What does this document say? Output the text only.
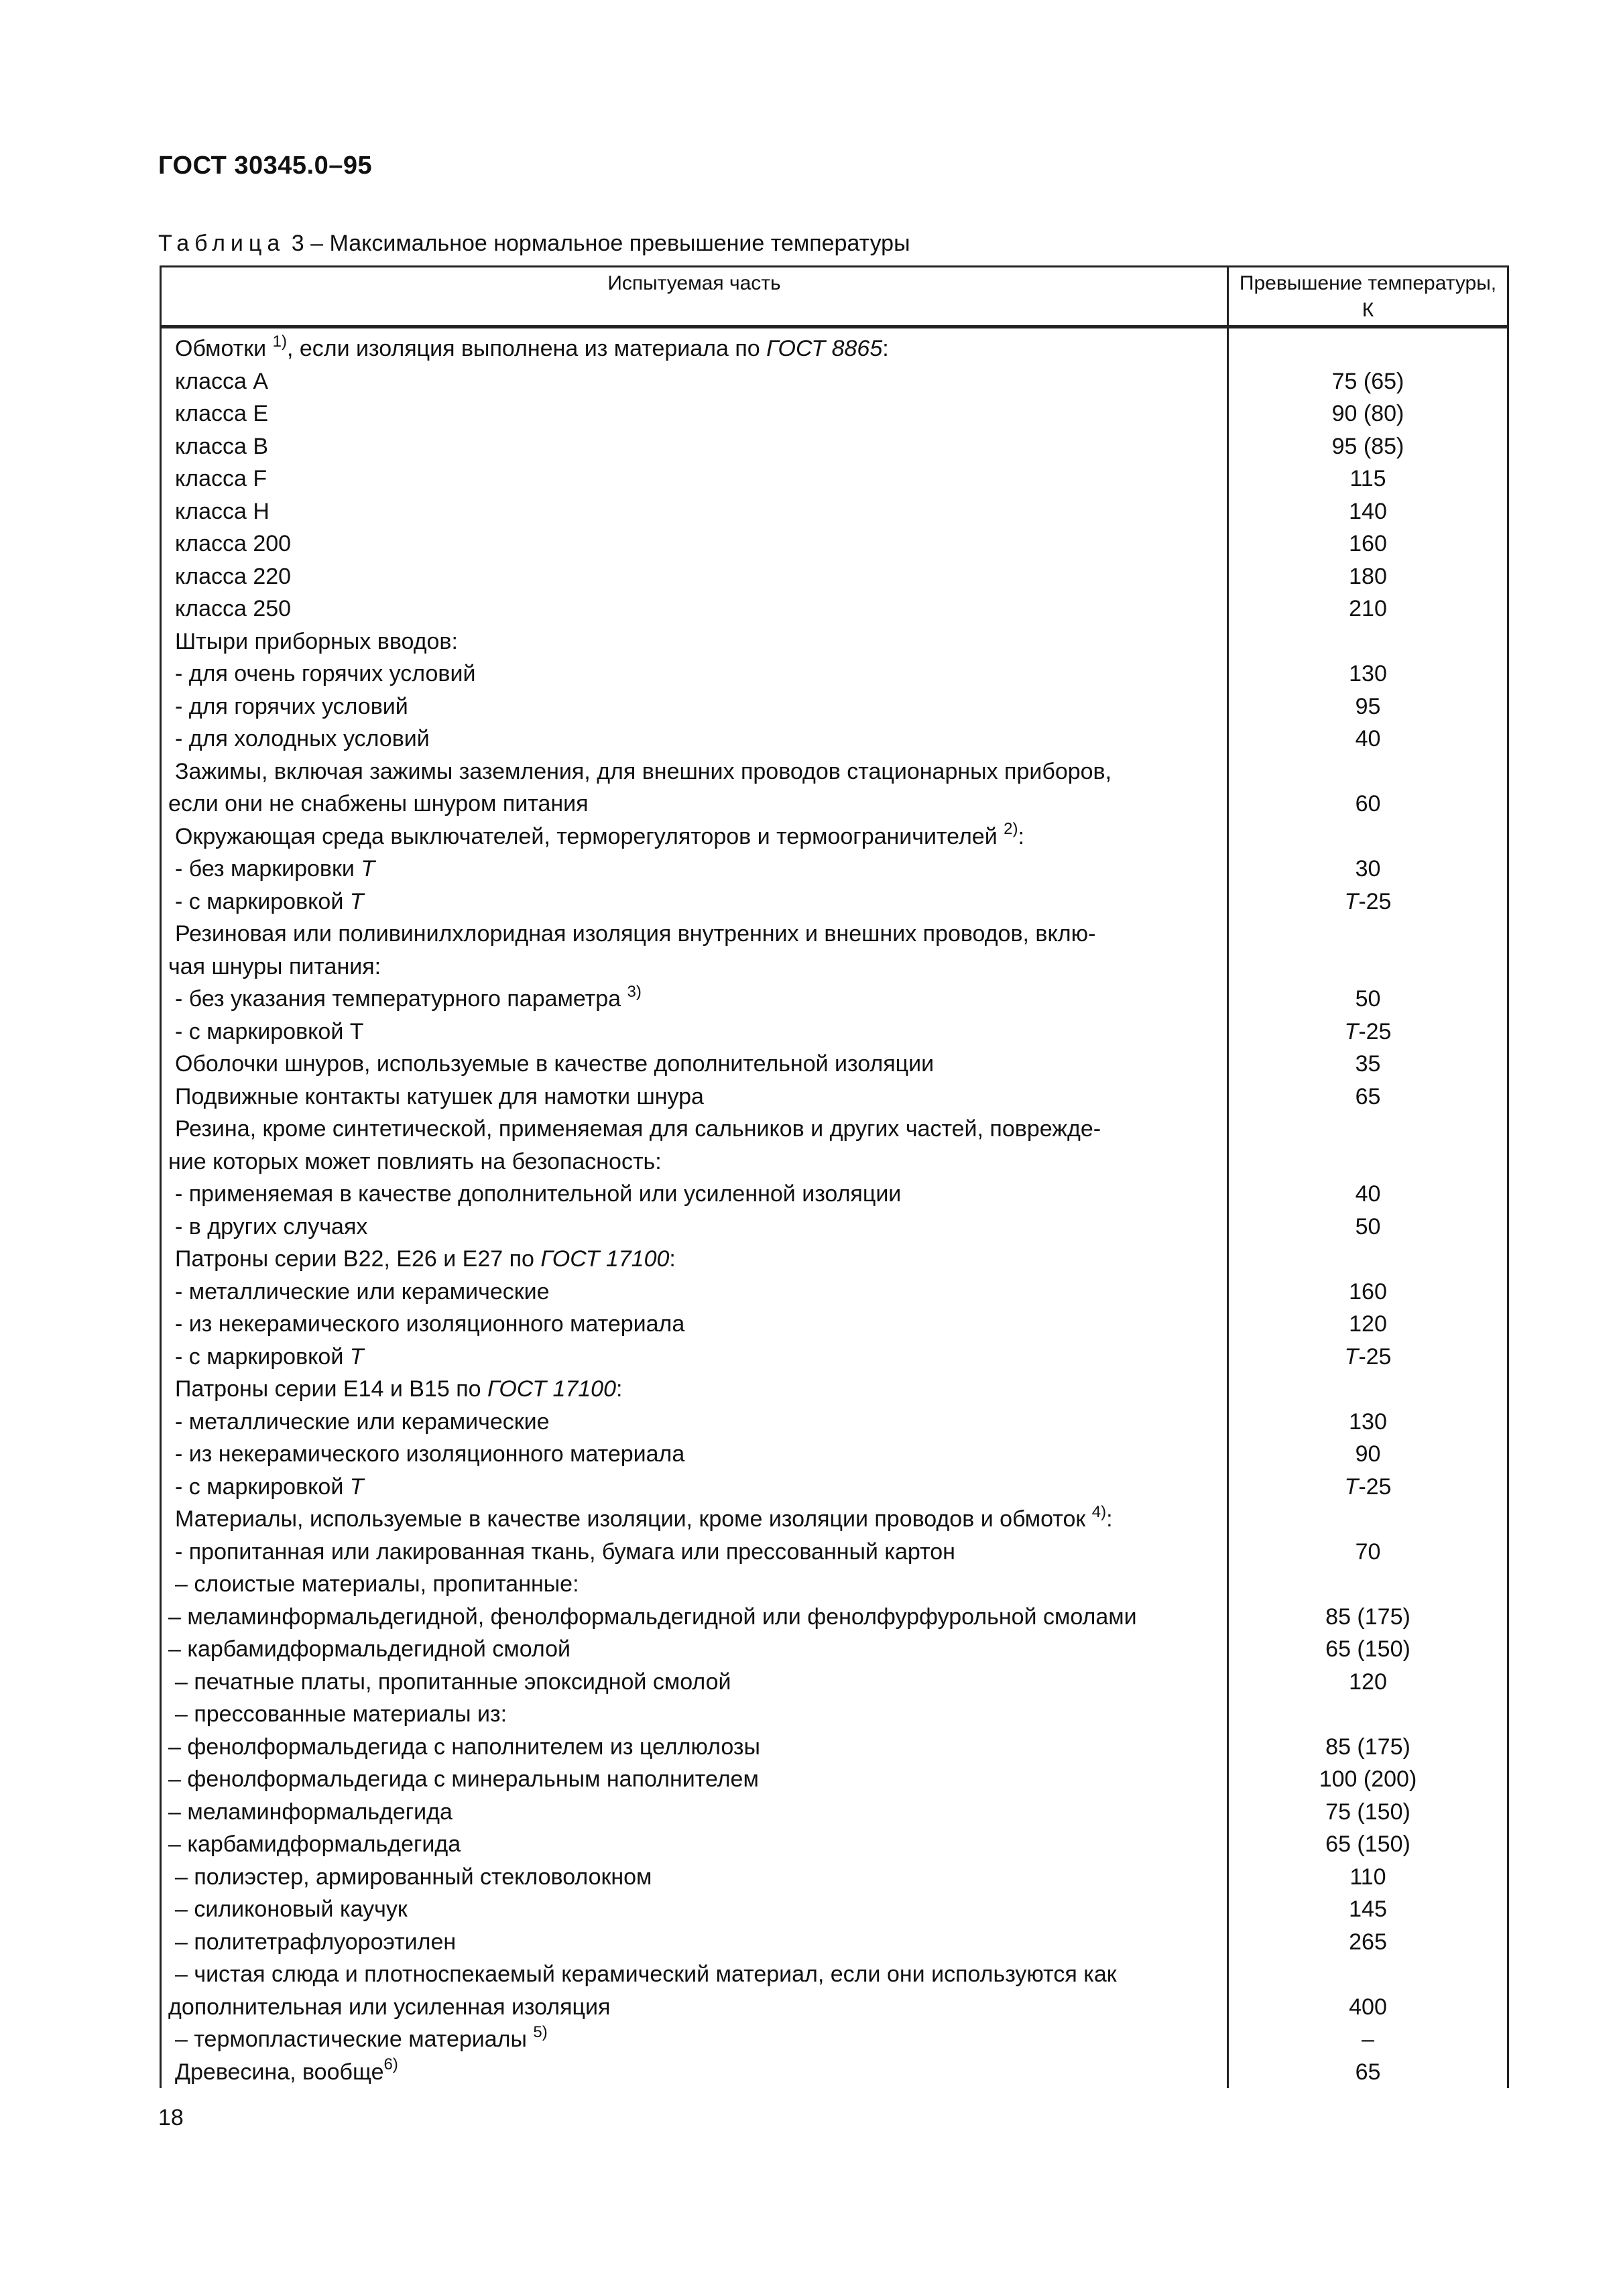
ГОСТ 30345.0–95
Таблица 3 – Максимальное нормальное превышение температуры
Испытуемая часть	Превышение температуры, К
Обмотки $^{1)}$, если изоляция выполнена из материала по ГОСТ 8865:	
класса А	75 (65)
класса Е	90 (80)
класса В	95 (85)
класса F	115
класса Н	140
класса 200	160
класса 220	180
класса 250	210
Штыри приборных вводов:	
- для очень горячих условий	130
- для горячих условий	95
- для холодных условий	40
Зажимы, включая зажимы заземления, для внешних проводов стационарных приборов,
если они не снабжены шнуром питания	60
Окружающая среда выключателей, терморегуляторов и термоограничителей $^{2)}$:	
- без маркировки Т	30
- с маркировкой Т	Т-25
Резиновая или поливинилхлоридная изоляция внутренних и внешних проводов, вклю-
чая шнуры питания:	
- без указания температурного параметра $^{3)}$	50
- с маркировкой Т	Т-25
Оболочки шнуров, используемые в качестве дополнительной изоляции	35
Подвижные контакты катушек для намотки шнура	65
Резина, кроме синтетической, применяемая для сальников и других частей, поврежде-
ние которых может повлиять на безопасность:	
- применяемая в качестве дополнительной или усиленной изоляции	40
- в других случаях	50
Патроны серии В22, Е26 и Е27 по ГОСТ 17100:	
- металлические или керамические	160
- из некерамического изоляционного материала	120
- с маркировкой Т	Т-25
Патроны серии Е14 и В15 по ГОСТ 17100:	
- металлические или керамические	130
- из некерамического изоляционного материала	90
- с маркировкой Т	Т-25
Материалы, используемые в качестве изоляции, кроме изоляции проводов и обмоток $^{4)}$:	
- пропитанная или лакированная ткань, бумага или прессованный картон	70
– слоистые материалы, пропитанные:	
– меламинформальдегидной, фенолформальдегидной или фенолфурфурольной смолами	85 (175)
– карбамидформальдегидной смолой	65 (150)
– печатные платы, пропитанные эпоксидной смолой	120
– прессованные материалы из:	
– фенолформальдегида с наполнителем из целлюлозы	85 (175)
– фенолформальдегида с минеральным наполнителем	100 (200)
– меламинформальдегида	75 (150)
– карбамидформальдегида	65 (150)
– полиэстер, армированный стекловолокном	110
– силиконовый каучук	145
– политетрафлуороэтилен	265
– чистая слюда и плотноспекаемый керамический материал, если они используются как
дополнительная или усиленная изоляция	400
– термопластические материалы $^{5)}$	–
Древесина, вообще$^{6)}$	65
18
